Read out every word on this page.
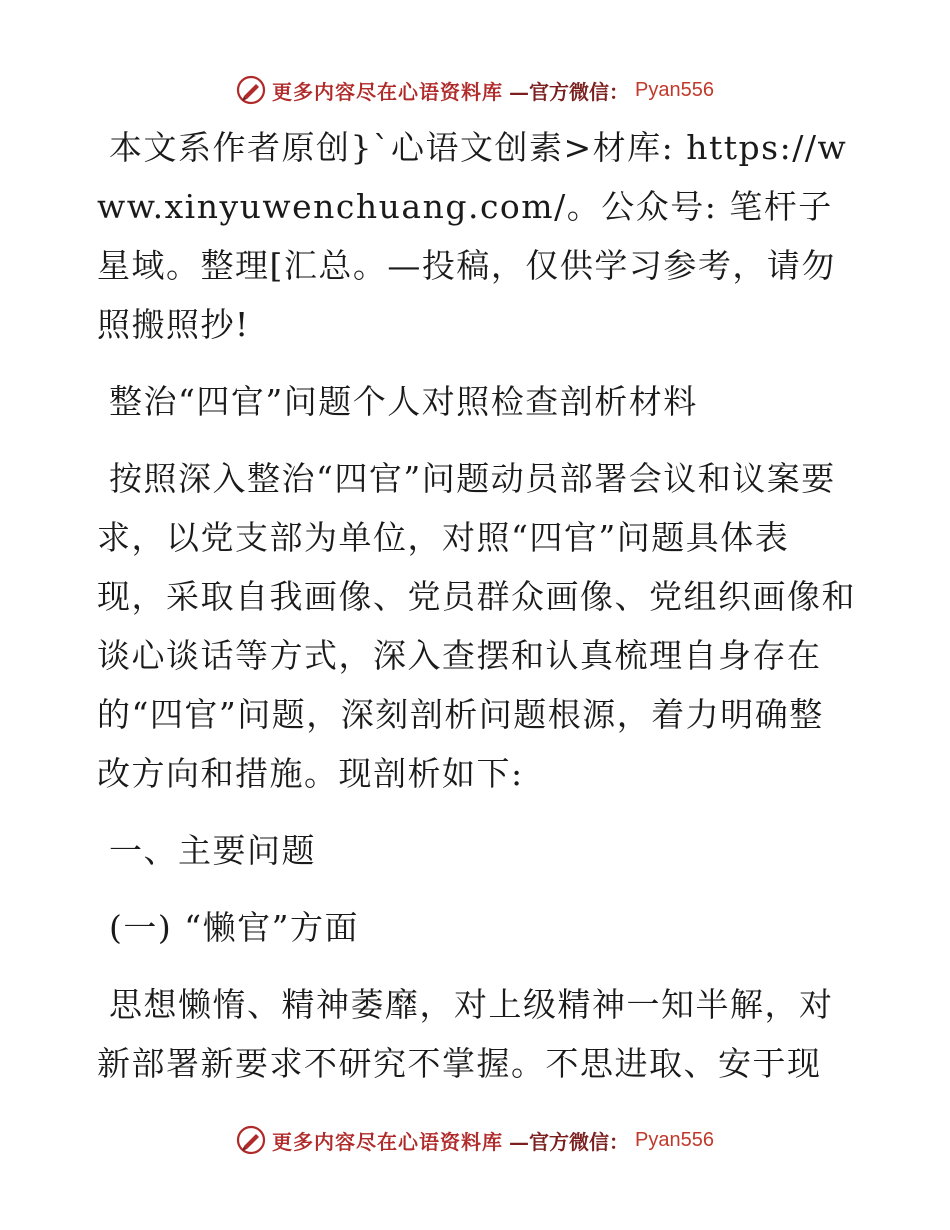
更多内容尽在心语资料库 —官方微信： Pyan556

本文系作者原创}`心语文创素>材库: https://www.xinyuwenchuang.com/。公众号: 笔杆子星域。整理[汇总。—投稿，仅供学习参考，请勿照搬照抄!

整治“四官”问题个人对照检查剖析材料

按照深入整治“四官”问题动员部署会议和议案要求，以党支部为单位，对照“四官”问题具体表现，采取自我画像、党员群众画像、党组织画像和谈心谈话等方式，深入查摆和认真梳理自身存在的“四官”问题，深刻剖析问题根源，着力明确整改方向和措施。现剖析如下:

一、主要问题

(一) “懒官”方面

思想懒惰、精神萎靡，对上级精神一知半解，对新部署新要求不研究不掌握。不思进取、安于现

更多内容尽在心语资料库 —官方微信： Pyan556
